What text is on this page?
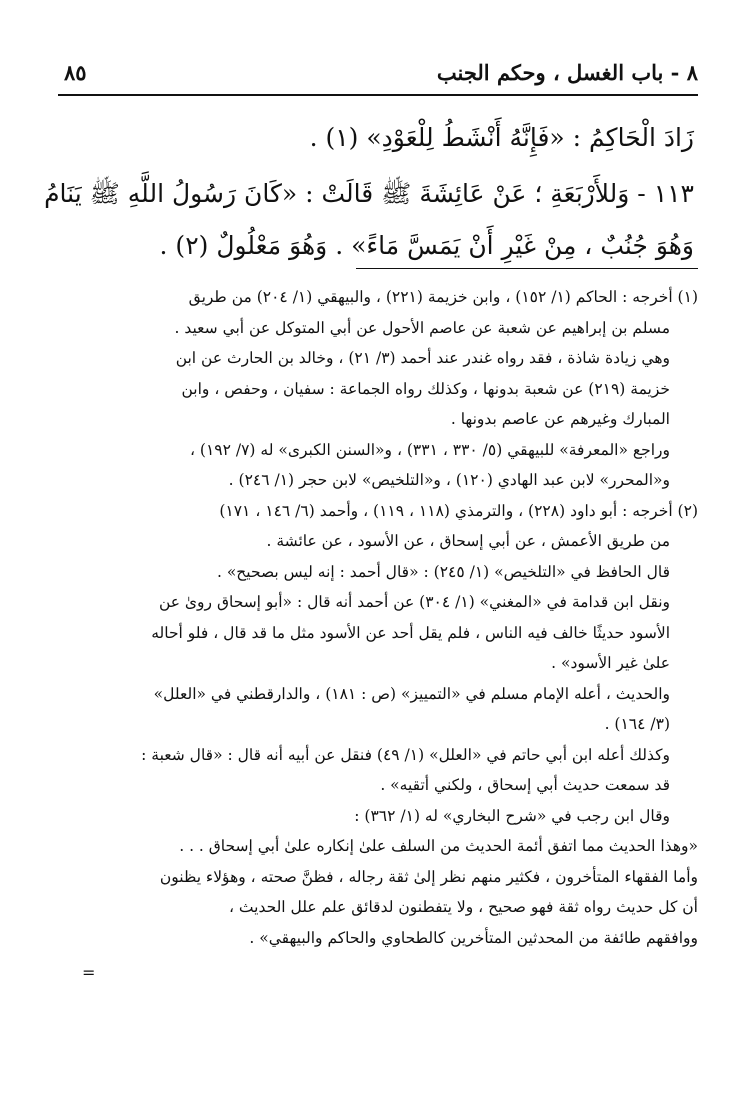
٨ - باب الغسل ، وحكم الجنب
٨٥

زَادَ الْحَاكِمُ : «فَإِنَّهُ أَنْشَطُ لِلْعَوْدِ» (١) .

١١٣ - وَللأَرْبَعَةِ ؛ عَنْ عَائِشَةَ ﷺ قَالَتْ : «كَانَ رَسُولُ اللَّهِ ﷺ يَنَامُ

وَهُوَ جُنُبٌ ، مِنْ غَيْرِ أَنْ يَمَسَّ مَاءً» . وَهُوَ مَعْلُولٌ (٢) .

(١) أخرجه : الحاكم (١/ ١٥٢) ، وابن خزيمة (٢٢١) ، والبيهقي (١/ ٢٠٤) من طريق
مسلم بن إبراهيم عن شعبة عن عاصم الأحول عن أبي المتوكل عن أبي سعيد .
وهي زيادة شاذة ، فقد رواه غندر عند أحمد (٣/ ٢١) ، وخالد بن الحارث عن ابن
خزيمة (٢١٩) عن شعبة بدونها ، وكذلك رواه الجماعة : سفيان ، وحفص ، وابن
المبارك وغيرهم عن عاصم بدونها .
وراجع «المعرفة» للبيهقي (٥/ ٣٣٠ ، ٣٣١) ، و«السنن الكبرى» له (٧/ ١٩٢) ،
و«المحرر» لابن عبد الهادي (١٢٠) ، و«التلخيص» لابن حجر (١/ ٢٤٦) .
(٢) أخرجه : أبو داود (٢٢٨) ، والترمذي (١١٨ ، ١١٩) ، وأحمد (٦/ ١٤٦ ، ١٧١)
من طريق الأعمش ، عن أبي إسحاق ، عن الأسود ، عن عائشة .
قال الحافظ في «التلخيص» (١/ ٢٤٥) : «قال أحمد : إنه ليس بصحيح» .
ونقل ابن قدامة في «المغني» (١/ ٣٠٤) عن أحمد أنه قال : «أبو إسحاق روىٰ عن
الأسود حديثًا خالف فيه الناس ، فلم يقل أحد عن الأسود مثل ما قد قال ، فلو أحاله
علىٰ غير الأسود» .
والحديث ، أعله الإمام مسلم في «التمييز» (ص : ١٨١) ، والدارقطني في «العلل»
(٣/ ١٦٤) .
وكذلك أعله ابن أبي حاتم في «العلل» (١/ ٤٩) فنقل عن أبيه أنه قال : «قال شعبة :
قد سمعت حديث أبي إسحاق ، ولكني أتقيه» .
وقال ابن رجب في «شرح البخاري» له (١/ ٣٦٢) :
«وهذا الحديث مما اتفق أئمة الحديث من السلف علىٰ إنكاره علىٰ أبي إسحاق . . .
وأما الفقهاء المتأخرون ، فكثير منهم نظر إلىٰ ثقة رجاله ، فظنَّ صحته ، وهؤلاء يظنون
أن كل حديث رواه ثقة فهو صحيح ، ولا يتفطنون لدقائق علم علل الحديث ،
ووافقهم طائفة من المحدثين المتأخرين كالطحاوي والحاكم والبيهقي» .
=
